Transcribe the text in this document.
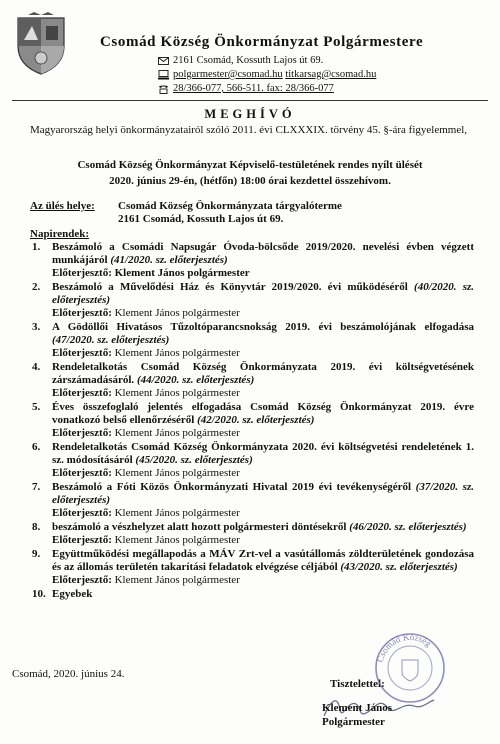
Csomád Község Önkormányzat Polgármestere
2161 Csomád, Kossuth Lajos út 69.
polgarmester@csomad.hu titkarsag@csomad.hu
28/366-077, 566-511. fax: 28/366-077
MEGHÍVÓ
Magyarország helyi önkormányzatairól szóló 2011. évi CLXXXIX. törvény 45. §-ára figyelemmel,
Csomád Község Önkormányzat Képviselő-testületének rendes nyílt ülését
2020. június 29-én, (hétfőn) 18:00 órai kezdettel összehívom.
Az ülés helye: Csomád Község Önkormányzata tárgyalóterme
2161 Csomád, Kossuth Lajos út 69.
Napirendek:
1. Beszámoló a Csomádi Napsugár Óvoda-bölcsőde 2019/2020. nevelési évben végzett munkájáról (41/2020. sz. előterjesztés)
Előterjesztő: Klement János polgármester
2. Beszámoló a Művelődési Ház és Könyvtár 2019/2020. évi működéséről (40/2020. sz. előterjesztés)
Előterjesztő: Klement János polgármester
3. A Gödöllői Hivatásos Tűzoltóparancsnokság 2019. évi beszámolójának elfogadása (47/2020. sz. előterjesztés)
Előterjesztő: Klement János polgármester
4. Rendeletalkotás Csomád Község Önkormányzata 2019. évi költségvetésének zárszámadásáról. (44/2020. sz. előterjesztés)
Előterjesztő: Klement János polgármester
5. Éves összefoglaló jelentés elfogadása Csomád Község Önkormányzat 2019. évre vonatkozó belső ellenőrzéséről (42/2020. sz. előterjesztés)
Előterjesztő: Klement János polgármester
6. Rendeletalkotás Csomád Község Önkormányzata 2020. évi költségvetési rendeletének 1. sz. módosításáról (45/2020. sz. előterjesztés)
Előterjesztő: Klement János polgármester
7. Beszámoló a Fóti Közös Önkormányzati Hivatal 2019 évi tevékenységéről (37/2020. sz. előterjesztés)
Előterjesztő: Klement János polgármester
8. beszámoló a vészhelyzet alatt hozott polgármesteri döntésekről (46/2020. sz. előterjesztés)
Előterjesztő: Klement János polgármester
9. Együttműködési megállapodás a MÁV Zrt-vel a vasútállomás zöldterületének gondozása és az állomás területén takarítási feladatok elvégzése céljából (43/2020. sz. előterjesztés)
Előterjesztő: Klement János polgármester
10. Egyebek
Csomád, 2020. június 24.
Tisztelettel:
Csomád Község
Klement János
Polgármester
